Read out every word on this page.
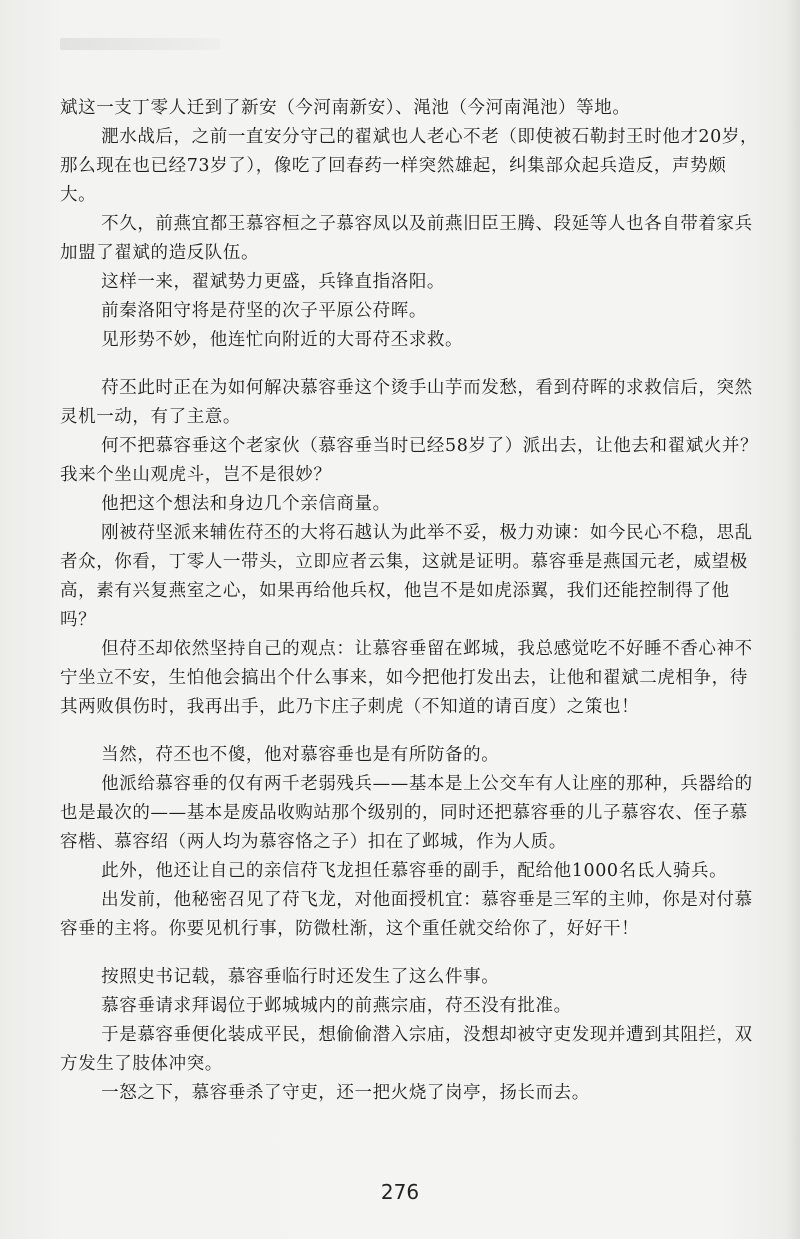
斌这一支丁零人迁到了新安（今河南新安）、渑池（今河南渑池）等地。

淝水战后，之前一直安分守己的翟斌也人老心不老（即使被石勒封王时他才20岁，那么现在也已经73岁了），像吃了回春药一样突然雄起，纠集部众起兵造反，声势颇大。

不久，前燕宜都王慕容桓之子慕容凤以及前燕旧臣王腾、段延等人也各自带着家兵加盟了翟斌的造反队伍。

这样一来，翟斌势力更盛，兵锋直指洛阳。

前秦洛阳守将是苻坚的次子平原公苻晖。

见形势不妙，他连忙向附近的大哥苻丕求救。

苻丕此时正在为如何解决慕容垂这个烫手山芋而发愁，看到苻晖的求救信后，突然灵机一动，有了主意。

何不把慕容垂这个老家伙（慕容垂当时已经58岁了）派出去，让他去和翟斌火并？我来个坐山观虎斗，岂不是很妙？

他把这个想法和身边几个亲信商量。

刚被苻坚派来辅佐苻丕的大将石越认为此举不妥，极力劝谏：如今民心不稳，思乱者众，你看，丁零人一带头，立即应者云集，这就是证明。慕容垂是燕国元老，威望极高，素有兴复燕室之心，如果再给他兵权，他岂不是如虎添翼，我们还能控制得了他吗？

但苻丕却依然坚持自己的观点：让慕容垂留在邺城，我总感觉吃不好睡不香心神不宁坐立不安，生怕他会搞出个什么事来，如今把他打发出去，让他和翟斌二虎相争，待其两败俱伤时，我再出手，此乃卞庄子刺虎（不知道的请百度）之策也！

当然，苻丕也不傻，他对慕容垂也是有所防备的。

他派给慕容垂的仅有两千老弱残兵——基本是上公交车有人让座的那种，兵器给的也是最次的——基本是废品收购站那个级别的，同时还把慕容垂的儿子慕容农、侄子慕容楷、慕容绍（两人均为慕容恪之子）扣在了邺城，作为人质。

此外，他还让自己的亲信苻飞龙担任慕容垂的副手，配给他1000名氐人骑兵。

出发前，他秘密召见了苻飞龙，对他面授机宜：慕容垂是三军的主帅，你是对付慕容垂的主将。你要见机行事，防微杜渐，这个重任就交给你了，好好干！

按照史书记载，慕容垂临行时还发生了这么件事。

慕容垂请求拜谒位于邺城城内的前燕宗庙，苻丕没有批准。

于是慕容垂便化装成平民，想偷偷潜入宗庙，没想却被守吏发现并遭到其阻拦，双方发生了肢体冲突。

一怒之下，慕容垂杀了守吏，还一把火烧了岗亭，扬长而去。

276
